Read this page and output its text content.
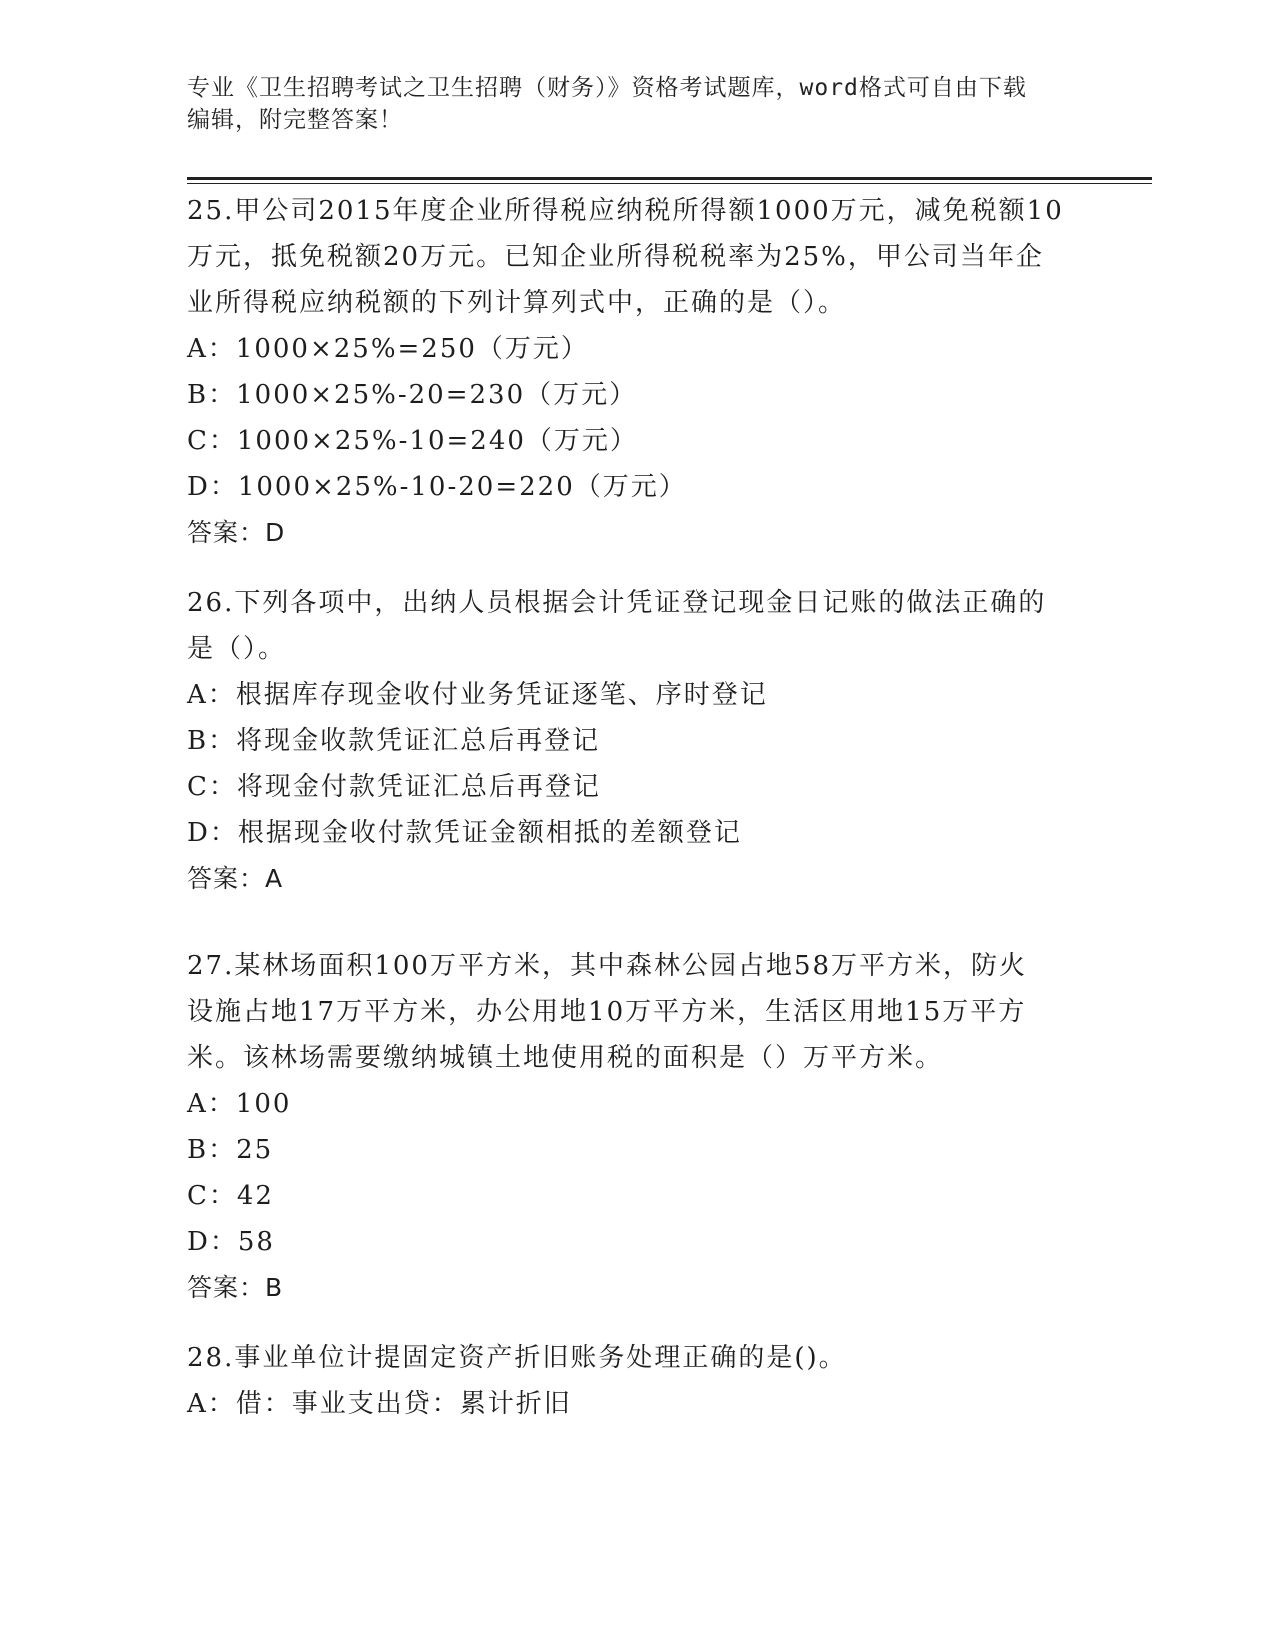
专业《卫生招聘考试之卫生招聘（财务）》资格考试题库，word格式可自由下载
编辑，附完整答案！

25.甲公司2015年度企业所得税应纳税所得额1000万元，减免税额10

万元，抵免税额20万元。已知企业所得税税率为25%，甲公司当年企

业所得税应纳税额的下列计算列式中，正确的是（）。

A：1000×25%=250（万元）

B：1000×25%-20=230（万元）

C：1000×25%-10=240（万元）

D：1000×25%-10-20=220（万元）

答案：D

26.下列各项中，出纳人员根据会计凭证登记现金日记账的做法正确的

是（）。

A：根据库存现金收付业务凭证逐笔、序时登记

B：将现金收款凭证汇总后再登记

C：将现金付款凭证汇总后再登记

D：根据现金收付款凭证金额相抵的差额登记

答案：A

27.某林场面积100万平方米，其中森林公园占地58万平方米，防火

设施占地17万平方米，办公用地10万平方米，生活区用地15万平方

米。该林场需要缴纳城镇土地使用税的面积是（）万平方米。

A：100

B：25

C：42

D：58

答案：B

28.事业单位计提固定资产折旧账务处理正确的是()。

A：借：事业支出贷：累计折旧
